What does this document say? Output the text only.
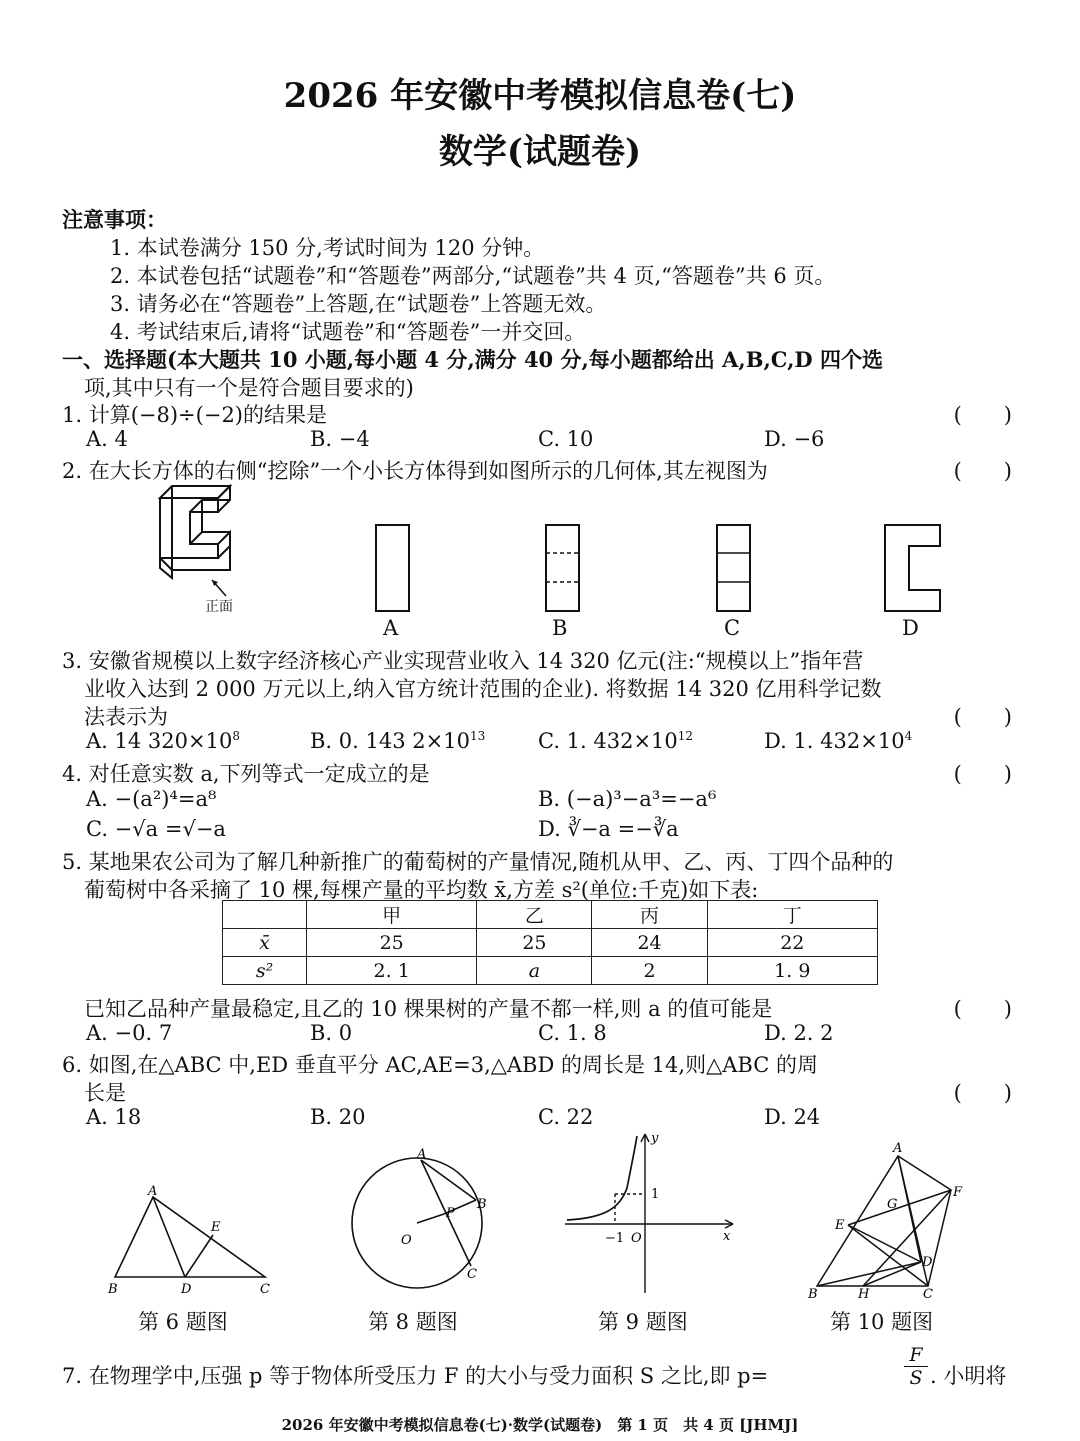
2026 年安徽中考模拟信息卷(七)
数学(试题卷)
注意事项：
1. 本试卷满分 150 分,考试时间为 120 分钟。
2. 本试卷包括“试题卷”和“答题卷”两部分,“试题卷”共 4 页,“答题卷”共 6 页。
3. 请务必在“答题卷”上答题,在“试题卷”上答题无效。
4. 考试结束后,请将“试题卷”和“答题卷”一并交回。
一、选择题(本大题共 10 小题,每小题 4 分,满分 40 分,每小题都给出 A,B,C,D 四个选
项,其中只有一个是符合题目要求的)
1. 计算(−8)÷(−2)的结果是	(　　)
A. 4	B. −4	C. 10	D. −6
2. 在大长方体的右侧“挖除”一个小长方体得到如图所示的几何体,其左视图为	(　　)
正面
A	B	C	D
3. 安徽省规模以上数字经济核心产业实现营业收入 14 320 亿元(注:“规模以上”指年营
业收入达到 2 000 万元以上,纳入官方统计范围的企业). 将数据 14 320 亿用科学记数
法表示为	(　　)
A. 14 $320\times 10^8$	B. 0. 143 $2\times 10^{13}$	C. 1. $432\times 10^{12}$	D. 1. $432\times 10^4$
4. 对任意实数 a,下列等式一定成立的是	(　　)
A. −(a²)⁴=a⁸	B. (−a)³−a³=−a⁶
C. −√a =√−a	D. ∛−a =−∛a
5. 某地果农公司为了解几种新推广的葡萄树的产量情况,随机从甲、乙、丙、丁四个品种的
葡萄树中各采摘了 10 棵,每棵产量的平均数 x̄,方差 s²(单位:千克)如下表:
	甲	乙	丙	丁
x̄	25	25	24	22
s²	2. 1	a	2	1. 9
已知乙品种产量最稳定,且乙的 10 棵果树的产量不都一样,则 a 的值可能是	(　　)
A. −0. 7	B. 0	C. 1. 8	D. 2. 2
6. 如图,在△ABC 中,ED 垂直平分 AC,AE=3,△ABD 的周长是 14,则△ABC 的周
长是	(　　)
A. 18	B. 20	C. 22	D. 24
A
B	C
D
E
第 6 题图
A
B
C
O
P
第 8 题图
y
x
1
−1 O
第 9 题图
A
B	C
D
E
F
G
H
第 10 题图
7. 在物理学中,压强 p 等于物体所受压力 F 的大小与受力面积 S 之比,即 p=	$\frac{F}{S}$ . 小明将
2026 年安徽中考模拟信息卷(七)·数学(试题卷)　第 1 页　共 4 页 [JHMJ]
